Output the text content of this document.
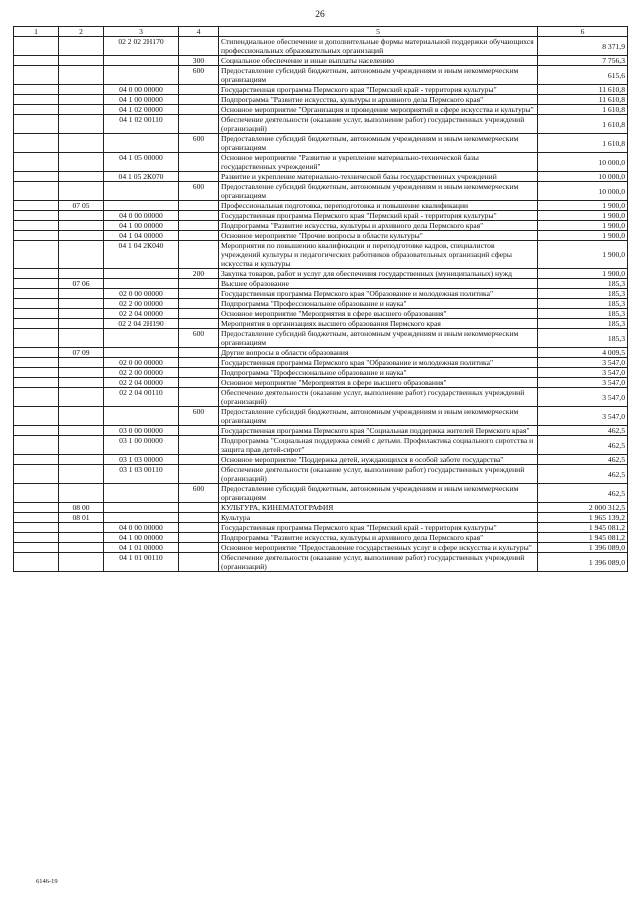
26
1	2	3	4	5	6
		02 2 02 2Н170		Стипендиальное обеспечение и дополнительные формы материальной поддержки обучающихся профессиональных образовательных организаций	8 371,9
			300	Социальное обеспечение и иные выплаты населению	7 756,3
			600	Предоставление субсидий бюджетным, автономным учреждениям и иным некоммерческим организациям	615,6
		04 0 00 00000		Государственная программа Пермского края "Пермский край - территория культуры"	11 610,8
		04 1 00 00000		Подпрограмма "Развитие искусства, культуры и архивного дела Пермского края"	11 610,8
		04 1 02 00000		Основное мероприятие "Организация и проведение мероприятий в сфере искусства и культуры"	1 610,8
		04 1 02 00110		Обеспечение деятельности (оказание услуг, выполнение работ) государственных учреждений (организаций)	1 610,8
			600	Предоставление субсидий бюджетным, автономным учреждениям и иным некоммерческим организациям	1 610,8
		04 1 05 00000		Основное мероприятие "Развитие и укрепление материально-технической базы государственных учреждений"	10 000,0
		04 1 05 2К070		Развитие и укрепление материально-технической базы государственных учреждений	10 000,0
			600	Предоставление субсидий бюджетным, автономным учреждениям и иным некоммерческим организациям	10 000,0
	07 05			Профессиональная подготовка, переподготовка и повышение квалификации	1 900,0
		04 0 00 00000		Государственная программа Пермского края "Пермский край - территория культуры"	1 900,0
		04 1 00 00000		Подпрограмма "Развитие искусства, культуры и архивного дела Пермского края"	1 900,0
		04 1 04 00000		Основное мероприятие "Прочие вопросы в области культуры"	1 900,0
		04 1 04 2К040		Мероприятия по повышению квалификации и переподготовке кадров, специалистов учреждений культуры и педагогических работников образовательных организаций сферы искусства и культуры	1 900,0
			200	Закупка товаров, работ и услуг для обеспечения государственных (муниципальных) нужд	1 900,0
	07 06			Высшее образование	185,3
		02 0 00 00000		Государственная программа Пермского края "Образование и молодежная политика"	185,3
		02 2 00 00000		Подпрограмма "Профессиональное образование и наука"	185,3
		02 2 04 00000		Основное мероприятие "Мероприятия в сфере высшего образования"	185,3
		02 2 04 2Н190		Мероприятия в организациях высшего образования Пермского края	185,3
			600	Предоставление субсидий бюджетным, автономным учреждениям и иным некоммерческим организациям	185,3
	07 09			Другие вопросы в области образования	4 009,5
		02 0 00 00000		Государственная программа Пермского края "Образование и молодежная политика"	3 547,0
		02 2 00 00000		Подпрограмма "Профессиональное образование и наука"	3 547,0
		02 2 04 00000		Основное мероприятие "Мероприятия в сфере высшего образования"	3 547,0
		02 2 04 00110		Обеспечение деятельности (оказание услуг, выполнение работ) государственных учреждений (организаций)	3 547,0
			600	Предоставление субсидий бюджетным, автономным учреждениям и иным некоммерческим организациям	3 547,0
		03 0 00 00000		Государственная программа Пермского края "Социальная поддержка жителей Пермского края"	462,5
		03 1 00 00000		Подпрограмма "Социальная поддержка семей с детьми. Профилактика социального сиротства и защита прав детей-сирот"	462,5
		03 1 03 00000		Основное мероприятие "Поддержка детей, нуждающихся в особой заботе государства"	462,5
		03 1 03 00110		Обеспечение деятельности (оказание услуг, выполнение работ) государственных учреждений (организаций)	462,5
			600	Предоставление субсидий бюджетным, автономным учреждениям и иным некоммерческим организациям	462,5
	08 00			КУЛЬТУРА, КИНЕМАТОГРАФИЯ	2 000 312,5
	08 01			Культура	1 965 139,2
		04 0 00 00000		Государственная программа Пермского края "Пермский край - территория культуры"	1 945 081,2
		04 1 00 00000		Подпрограмма "Развитие искусства, культуры и архивного дела Пермского края"	1 945 081,2
		04 1 01 00000		Основное мероприятие "Предоставление государственных услуг в сфере искусства и культуры"	1 396 089,0
		04 1 01 00110		Обеспечение деятельности (оказание услуг, выполнение работ) государственных учреждений (организаций)	1 396 089,0
6146-19
